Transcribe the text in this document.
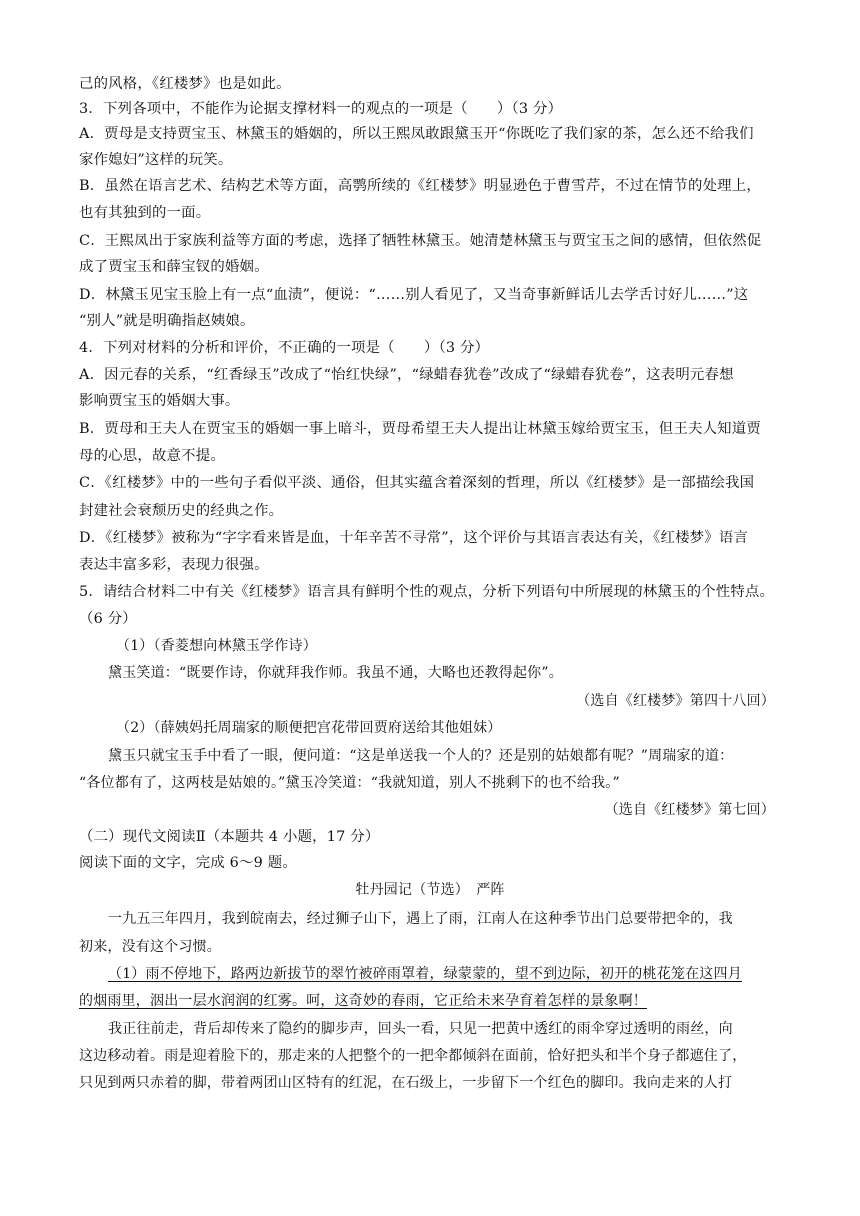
己的风格，《红楼梦》也是如此。
3．下列各项中，不能作为论据支撑材料一的观点的一项是（　　）（3 分）
A．贾母是支持贾宝玉、林黛玉的婚姻的，所以王熙凤敢跟黛玉开“你既吃了我们家的茶，怎么还不给我们
家作媳妇”这样的玩笑。
B．虽然在语言艺术、结构艺术等方面，高鹗所续的《红楼梦》明显逊色于曹雪芹，不过在情节的处理上，
也有其独到的一面。
C．王熙凤出于家族利益等方面的考虑，选择了牺牲林黛玉。她清楚林黛玉与贾宝玉之间的感情，但依然促
成了贾宝玉和薛宝钗的婚姻。
D．林黛玉见宝玉脸上有一点“血渍”，便说：“……别人看见了，又当奇事新鲜话儿去学舌讨好儿……”这
“别人”就是明确指赵姨娘。
4．下列对材料的分析和评价，不正确的一项是（　　）（3 分）
A．因元春的关系，“红香绿玉”改成了“怡红快绿”，“绿蜡春犹卷”改成了“绿蜡春犹卷”，这表明元春想
影响贾宝玉的婚姻大事。
B．贾母和王夫人在贾宝玉的婚姻一事上暗斗，贾母希望王夫人提出让林黛玉嫁给贾宝玉，但王夫人知道贾
母的心思，故意不提。
C．《红楼梦》中的一些句子看似平淡、通俗，但其实蕴含着深刻的哲理，所以《红楼梦》是一部描绘我国
封建社会衰颓历史的经典之作。
D．《红楼梦》被称为“字字看来皆是血，十年辛苦不寻常”，这个评价与其语言表达有关，《红楼梦》语言
表达丰富多彩，表现力很强。
5．请结合材料二中有关《红楼梦》语言具有鲜明个性的观点，分析下列语句中所展现的林黛玉的个性特点。
（6 分）
（1）（香菱想向林黛玉学作诗）
黛玉笑道：“既要作诗，你就拜我作师。我虽不通，大略也还教得起你”。
（选自《红楼梦》第四十八回）
（2）（薛姨妈托周瑞家的顺便把宫花带回贾府送给其他姐妹）
黛玉只就宝玉手中看了一眼，便问道：“这是单送我一个人的？还是别的姑娘都有呢？”周瑞家的道：
“各位都有了，这两枝是姑娘的。”黛玉冷笑道：“我就知道，别人不挑剩下的也不给我。”
（选自《红楼梦》第七回）
（二）现代文阅读Ⅱ（本题共 4 小题，17 分）
阅读下面的文字，完成 6～9 题。
牡丹园记（节选）　严阵
一九五三年四月，我到皖南去，经过狮子山下，遇上了雨，江南人在这种季节出门总要带把伞的，我
初来，没有这个习惯。
（1）雨不停地下，路两边新拔节的翠竹被碎雨罩着，绿蒙蒙的，望不到边际，初开的桃花笼在这四月
的烟雨里，洇出一层水润润的红雾。呵，这奇妙的春雨，它正给未来孕育着怎样的景象啊！
我正往前走，背后却传来了隐约的脚步声，回头一看，只见一把黄中透红的雨伞穿过透明的雨丝，向
这边移动着。雨是迎着脸下的，那走来的人把整个的一把伞都倾斜在面前，恰好把头和半个身子都遮住了，
只见到两只赤着的脚，带着两团山区特有的红泥，在石级上，一步留下一个红色的脚印。我向走来的人打
